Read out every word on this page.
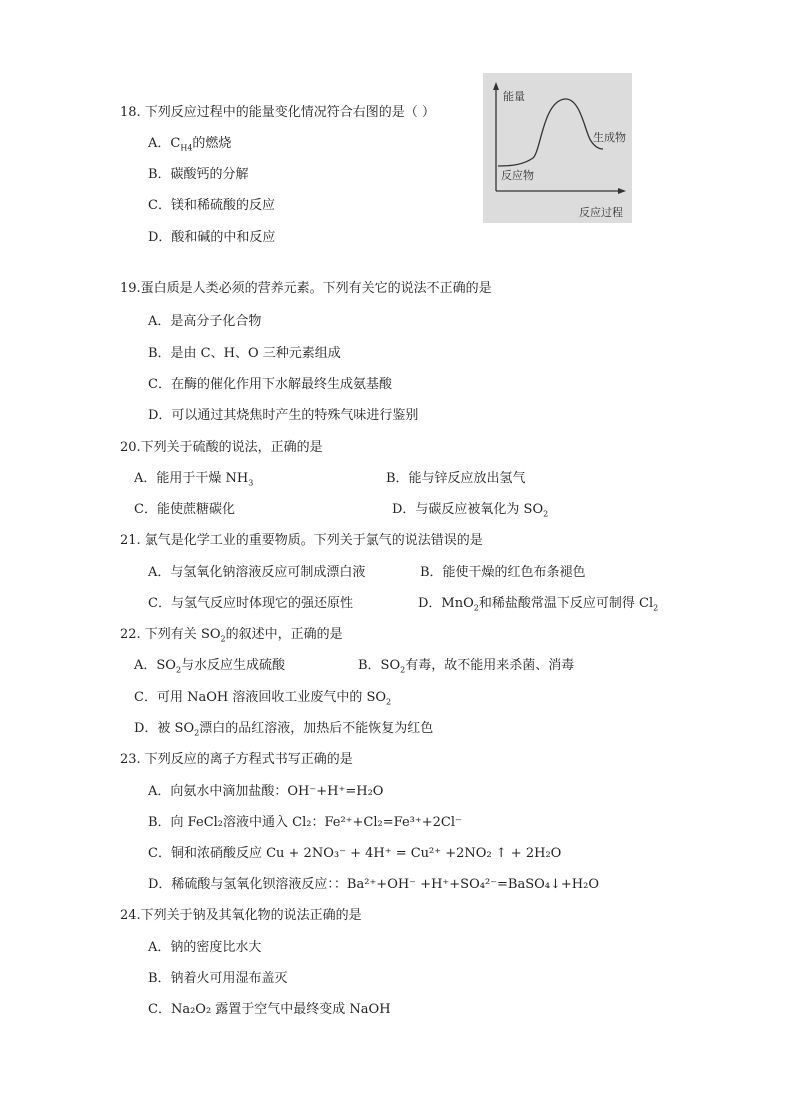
18. 下列反应过程中的能量变化情况符合右图的是（ ）
A．$C_{H4}$的燃烧
B．碳酸钙的分解
C．镁和稀硫酸的反应
D．酸和碱的中和反应
能量
反应过程
反应物
生成物
19.蛋白质是人类必须的营养元素。下列有关它的说法不正确的是
A．是高分子化合物
B．是由 C、H、O 三种元素组成
C．在酶的催化作用下水解最终生成氨基酸
D．可以通过其烧焦时产生的特殊气味进行鉴别
20.下列关于硫酸的说法，正确的是
A．能用于干燥 $NH_3$	B．能与锌反应放出氢气
C．能使蔗糖碳化	D．与碳反应被氧化为 $SO_2$
21. 氯气是化学工业的重要物质。下列关于氯气的说法错误的是
A．与氢氧化钠溶液反应可制成漂白液	B．能使干燥的红色布条褪色
C．与氢气反应时体现它的强还原性	D．MnO$_2$和稀盐酸常温下反应可制得 $Cl_2$
22. 下列有关 $SO_2$的叙述中，正确的是
A．$SO_2$与水反应生成硫酸	B．$SO_2$有毒，故不能用来杀菌、消毒
C．可用 NaOH 溶液回收工业废气中的 $SO_2$
D．被 $SO_2$漂白的品红溶液，加热后不能恢复为红色
23. 下列反应的离子方程式书写正确的是
A．向氨水中滴加盐酸：OH⁻+H⁺=H₂O
B．向 FeCl₂溶液中通入 Cl₂：Fe²⁺+Cl₂=Fe³⁺+2Cl⁻
C．铜和浓硝酸反应 Cu + 2NO₃⁻ + 4H⁺ = Cu²⁺ +2NO₂ ↑ + 2H₂O
D．稀硫酸与氢氧化钡溶液反应：：Ba²⁺+OH⁻ +H⁺+SO₄²⁻=BaSO₄↓+H₂O
24.下列关于钠及其氧化物的说法正确的是
A．钠的密度比水大
B．钠着火可用湿布盖灭
C．Na₂O₂ 露置于空气中最终变成 NaOH
